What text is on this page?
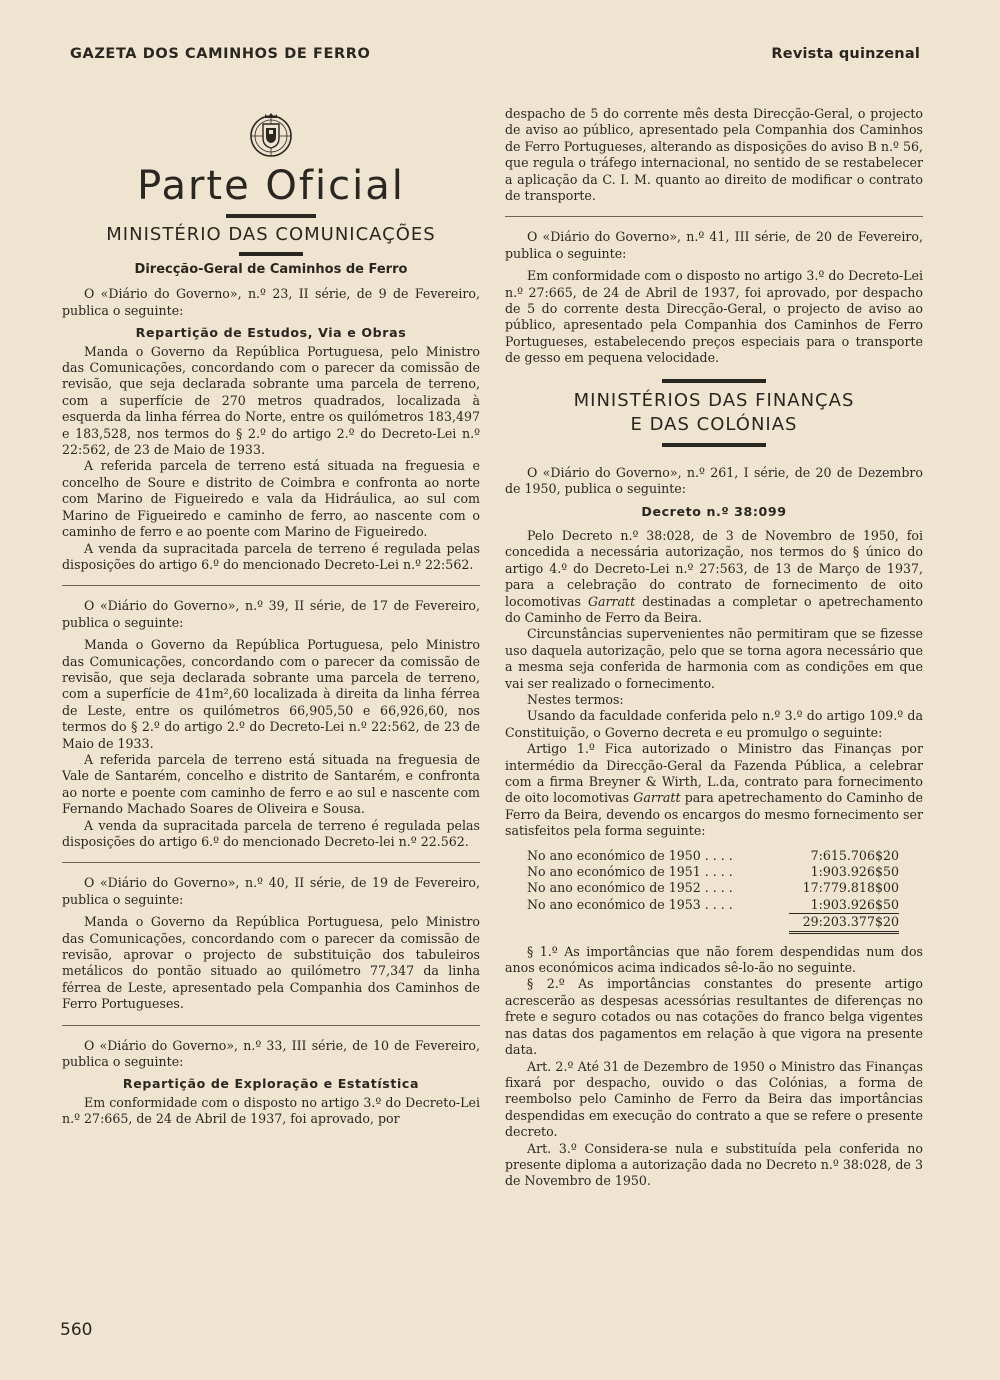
GAZETA DOS CAMINHOS DE FERRO	Revista quinzenal
Parte Oficial
MINISTÉRIO DAS COMUNICAÇÕES
Direcção-Geral de Caminhos de Ferro

O «Diário do Governo», n.º 23, II série, de 9 de Fevereiro, publica o seguinte:

Repartição de Estudos, Via e Obras

Manda o Governo da República Portuguesa, pelo Ministro das Comunicações, concordando com o parecer da comissão de revisão, que seja declarada sobrante uma parcela de terreno, com a superfície de 270 metros quadrados, localizada à esquerda da linha férrea do Norte, entre os quilómetros 183,497 e 183,528, nos termos do § 2.º do artigo 2.º do Decreto-Lei n.º 22:562, de 23 de Maio de 1933.

A referida parcela de terreno está situada na freguesia e concelho de Soure e distrito de Coimbra e confronta ao norte com Marino de Figueiredo e vala da Hidráulica, ao sul com Marino de Figueiredo e caminho de ferro, ao nascente com o caminho de ferro e ao poente com Marino de Figueiredo.

A venda da supracitada parcela de terreno é regulada pelas disposições do artigo 6.º do mencionado Decreto-Lei n.º 22:562.

O «Diário do Governo», n.º 39, II série, de 17 de Fevereiro, publica o seguinte:

Manda o Governo da República Portuguesa, pelo Ministro das Comunicações, concordando com o parecer da comissão de revisão, que seja declarada sobrante uma parcela de terreno, com a superfície de 41m²,60 localizada à direita da linha férrea de Leste, entre os quilómetros 66,905,50 e 66,926,60, nos termos do § 2.º do artigo 2.º do Decreto-Lei n.º 22:562, de 23 de Maio de 1933.

A referida parcela de terreno está situada na freguesia de Vale de Santarém, concelho e distrito de Santarém, e confronta ao norte e poente com caminho de ferro e ao sul e nascente com Fernando Machado Soares de Oliveira e Sousa.

A venda da supracitada parcela de terreno é regulada pelas disposições do artigo 6.º do mencionado Decreto-lei n.º 22.562.

O «Diário do Governo», n.º 40, II série, de 19 de Fevereiro, publica o seguinte:

Manda o Governo da República Portuguesa, pelo Ministro das Comunicações, concordando com o parecer da comissão de revisão, aprovar o projecto de substituição dos tabuleiros metálicos do pontão situado ao quilómetro 77,347 da linha férrea de Leste, apresentado pela Companhia dos Caminhos de Ferro Portugueses.

O «Diário do Governo», n.º 33, III série, de 10 de Fevereiro, publica o seguinte:

Repartição de Exploração e Estatística

Em conformidade com o disposto no artigo 3.º do Decreto-Lei n.º 27:665, de 24 de Abril de 1937, foi aprovado, por

despacho de 5 do corrente mês desta Direcção-Geral, o projecto de aviso ao público, apresentado pela Companhia dos Caminhos de Ferro Portugueses, alterando as disposições do aviso B n.º 56, que regula o tráfego internacional, no sentido de se restabelecer a aplicação da C. I. M. quanto ao direito de modificar o contrato de transporte.

O «Diário do Governo», n.º 41, III série, de 20 de Fevereiro, publica o seguinte:

Em conformidade com o disposto no artigo 3.º do Decreto-Lei n.º 27:665, de 24 de Abril de 1937, foi aprovado, por despacho de 5 do corrente desta Direcção-Geral, o projecto de aviso ao público, apresentado pela Companhia dos Caminhos de Ferro Portugueses, estabelecendo preços especiais para o transporte de gesso em pequena velocidade.

MINISTÉRIOS DAS FINANÇAS
E DAS COLÓNIAS

O «Diário do Governo», n.º 261, I série, de 20 de Dezembro de 1950, publica o seguinte:

Decreto n.º 38:099

Pelo Decreto n.º 38:028, de 3 de Novembro de 1950, foi concedida a necessária autorização, nos termos do § único do artigo 4.º do Decreto-Lei n.º 27:563, de 13 de Março de 1937, para a celebração do contrato de fornecimento de oito locomotivas Garratt destinadas a completar o apetrechamento do Caminho de Ferro da Beira.

Circunstâncias supervenientes não permitiram que se fizesse uso daquela autorização, pelo que se torna agora necessário que a mesma seja conferida de harmonia com as condições em que vai ser realizado o fornecimento.

Nestes termos:

Usando da faculdade conferida pelo n.º 3.º do artigo 109.º da Constituição, o Governo decreta e eu promulgo o seguinte:

Artigo 1.º Fica autorizado o Ministro das Finanças por intermédio da Direcção-Geral da Fazenda Pública, a celebrar com a firma Breyner & Wirth, L.da, contrato para fornecimento de oito locomotivas Garratt para apetrechamento do Caminho de Ferro da Beira, devendo os encargos do mesmo fornecimento ser satisfeitos pela forma seguinte:

No ano económico de 1950 . . . .	7:615.706$20
No ano económico de 1951 . . . .	1:903.926$50
No ano económico de 1952 . . . .	17:779.818$00
No ano económico de 1953 . . . .	1:903.926$50
29:203.377$20

§ 1.º As importâncias que não forem despendidas num dos anos económicos acima indicados sê-lo-ão no seguinte.

§ 2.º As importâncias constantes do presente artigo acrescerão as despesas acessórias resultantes de diferenças no frete e seguro cotados ou nas cotações do franco belga vigentes nas datas dos pagamentos em relação à que vigora na presente data.

Art. 2.º Até 31 de Dezembro de 1950 o Ministro das Finanças fixará por despacho, ouvido o das Colónias, a forma de reembolso pelo Caminho de Ferro da Beira das importâncias despendidas em execução do contrato a que se refere o presente decreto.

Art. 3.º Considera-se nula e substituída pela conferida no presente diploma a autorização dada no Decreto n.º 38:028, de 3 de Novembro de 1950.

560
